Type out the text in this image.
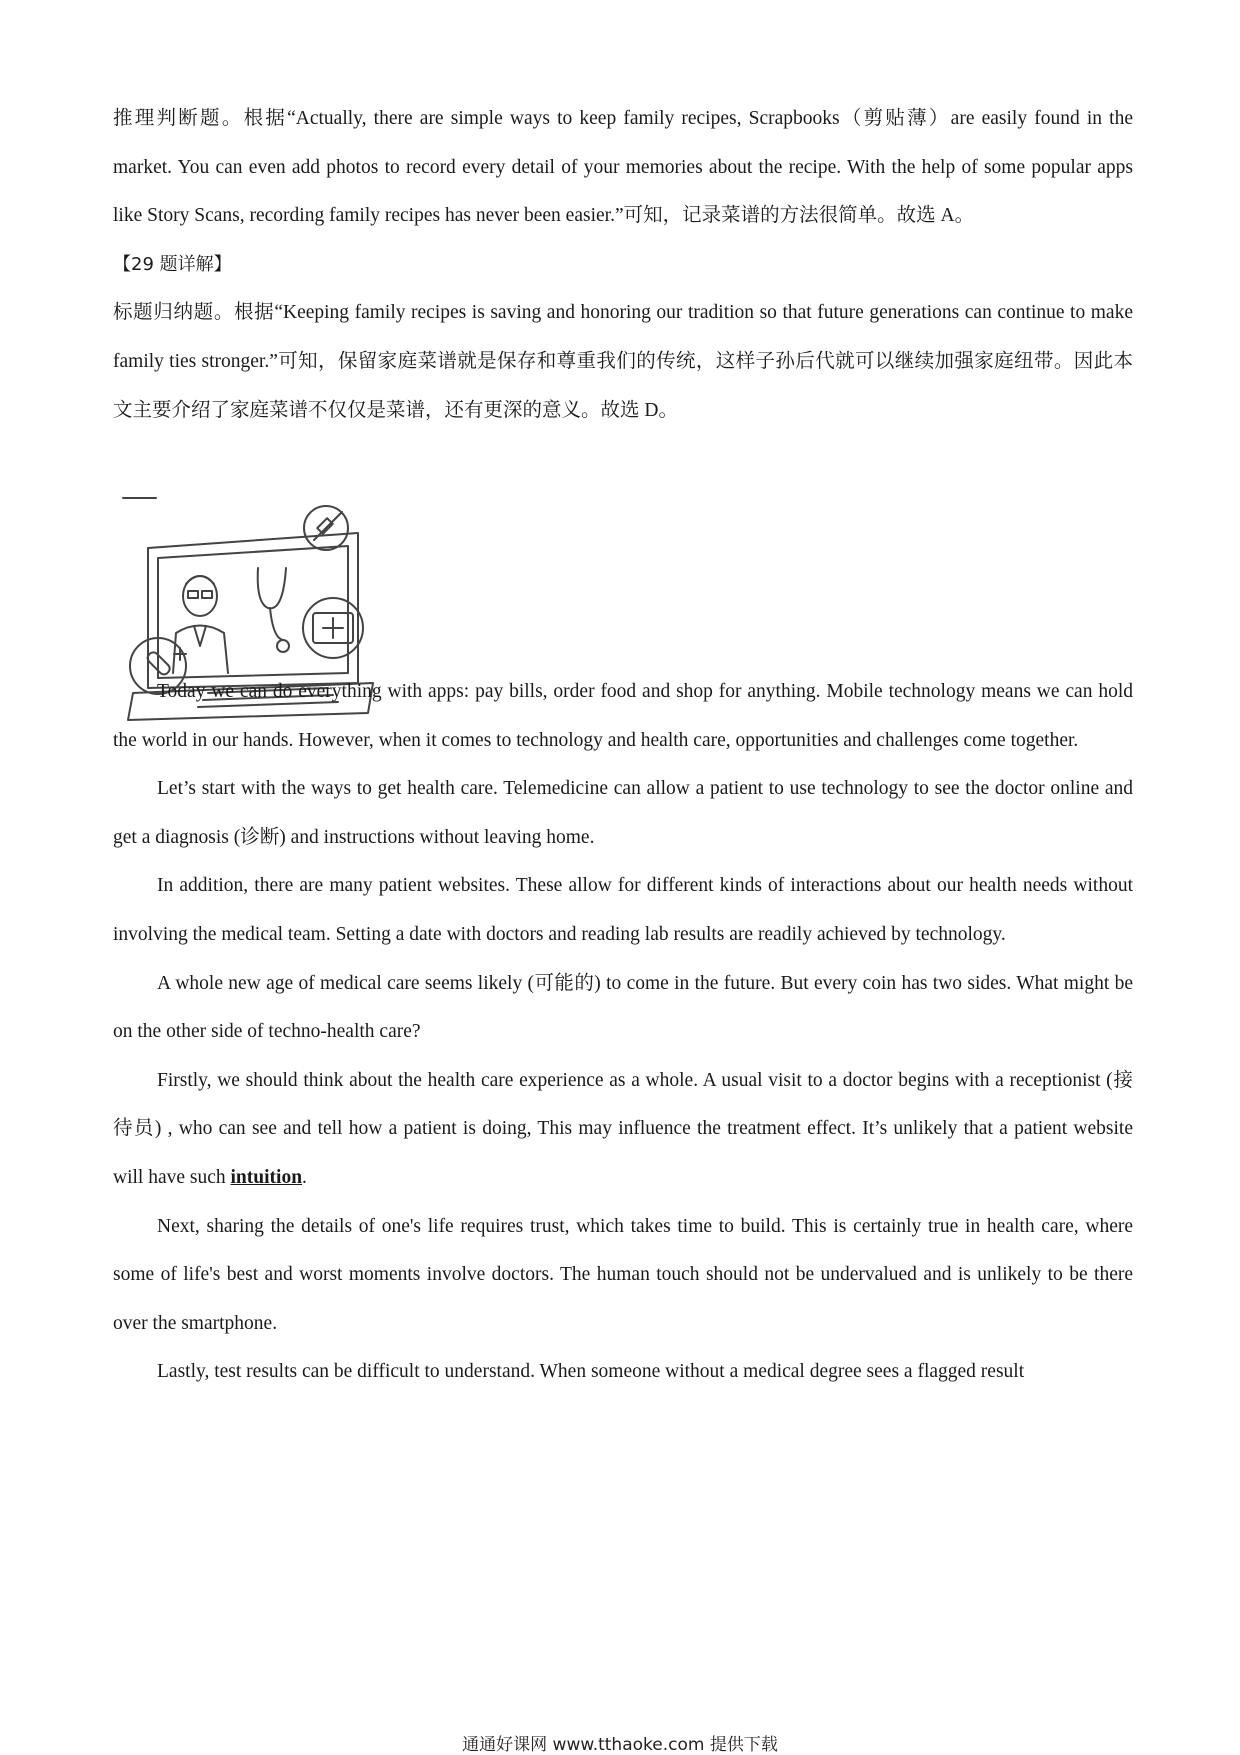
推理判断题。根据“Actually, there are simple ways to keep family recipes, Scrapbooks（剪贴薄）are easily found in the market. You can even add photos to record every detail of your memories about the recipe. With the help of some popular apps like Story Scans, recording family recipes has never been easier.”可知，记录菜谱的方法很简单。故选 A。

【29 题详解】

标题归纳题。根据“Keeping family recipes is saving and honoring our tradition so that future generations can continue to make family ties stronger.”可知，保留家庭菜谱就是保存和尊重我们的传统，这样子孙后代就可以继续加强家庭纽带。因此本文主要介绍了家庭菜谱不仅仅是菜谱，还有更深的意义。故选 D。

Today we can do everything with apps: pay bills, order food and shop for anything. Mobile technology means we can hold the world in our hands. However, when it comes to technology and health care, opportunities and challenges come together.

Let’s start with the ways to get health care. Telemedicine can allow a patient to use technology to see the doctor online and get a diagnosis (诊断) and instructions without leaving home.

In addition, there are many patient websites. These allow for different kinds of interactions about our health needs without involving the medical team. Setting a date with doctors and reading lab results are readily achieved by technology.

A whole new age of medical care seems likely (可能的) to come in the future. But every coin has two sides. What might be on the other side of techno-health care?

Firstly, we should think about the health care experience as a whole. A usual visit to a doctor begins with a receptionist (接待员) , who can see and tell how a patient is doing, This may influence the treatment effect. It’s unlikely that a patient website will have such intuition.

Next, sharing the details of one's life requires trust, which takes time to build. This is certainly true in health care, where some of life's best and worst moments involve doctors. The human touch should not be undervalued and is unlikely to be there over the smartphone.

Lastly, test results can be difficult to understand. When someone without a medical degree sees a flagged result

通通好课网 www.tthaoke.com 提供下载
